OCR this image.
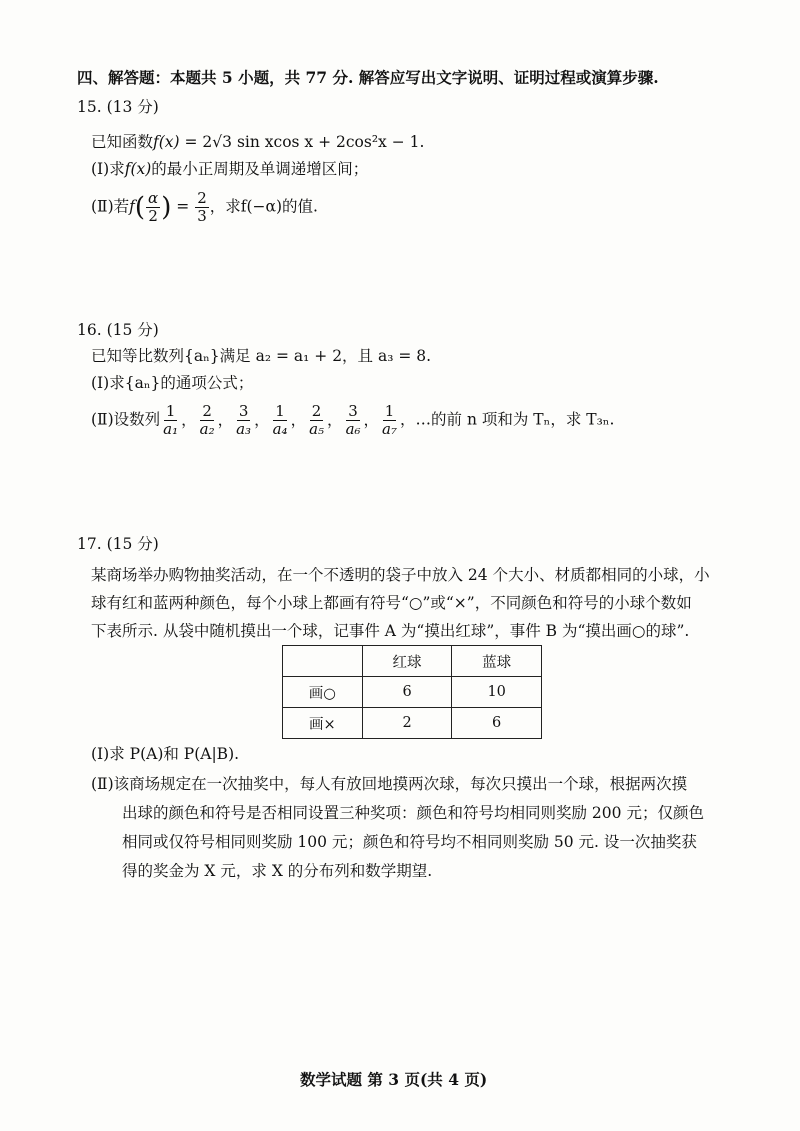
四、解答题：本题共 5 小题，共 77 分. 解答应写出文字说明、证明过程或演算步骤.
15. (13 分)
已知函数f(x) = 2√3 sin xcos x + 2cos²x − 1.
(Ⅰ)求f(x)的最小正周期及单调递增区间；
(Ⅱ)若$f( \frac{\alpha}{2}$ ) = $\frac{2}{3}$ ，求f(−α)的值.
16. (15 分)
已知等比数列{aₙ}满足 a₂ = a₁ + 2，且 a₃ = 8.
(Ⅰ)求{aₙ}的通项公式；
(Ⅱ)设数列 $\frac{1}{\text{a₁}}$ ， $\frac{2}{\text{a₂}}$ ， $\frac{3}{\text{a₃}}$ ， $\frac{1}{\text{a₄}}$ ， $\frac{2}{\text{a₅}}$ ， $\frac{3}{\text{a₆}}$ ， $\frac{1}{\text{a₇}}$ ，…的前 n 项和为 Tₙ，求 T₃ₙ.
17. (15 分)
某商场举办购物抽奖活动，在一个不透明的袋子中放入 24 个大小、材质都相同的小球，小
球有红和蓝两种颜色，每个小球上都画有符号“○”或“×”，不同颜色和符号的小球个数如
下表所示. 从袋中随机摸出一个球，记事件 A 为“摸出红球”，事件 B 为“摸出画○的球”.
	红球	蓝球
画○	6	10
画×	2	6
(Ⅰ)求 P(A)和 P(A|B).
(Ⅱ)该商场规定在一次抽奖中，每人有放回地摸两次球，每次只摸出一个球，根据两次摸
出球的颜色和符号是否相同设置三种奖项：颜色和符号均相同则奖励 200 元；仅颜色
相同或仅符号相同则奖励 100 元；颜色和符号均不相同则奖励 50 元. 设一次抽奖获
得的奖金为 X 元，求 X 的分布列和数学期望.
数学试题 第 3 页(共 4 页)
